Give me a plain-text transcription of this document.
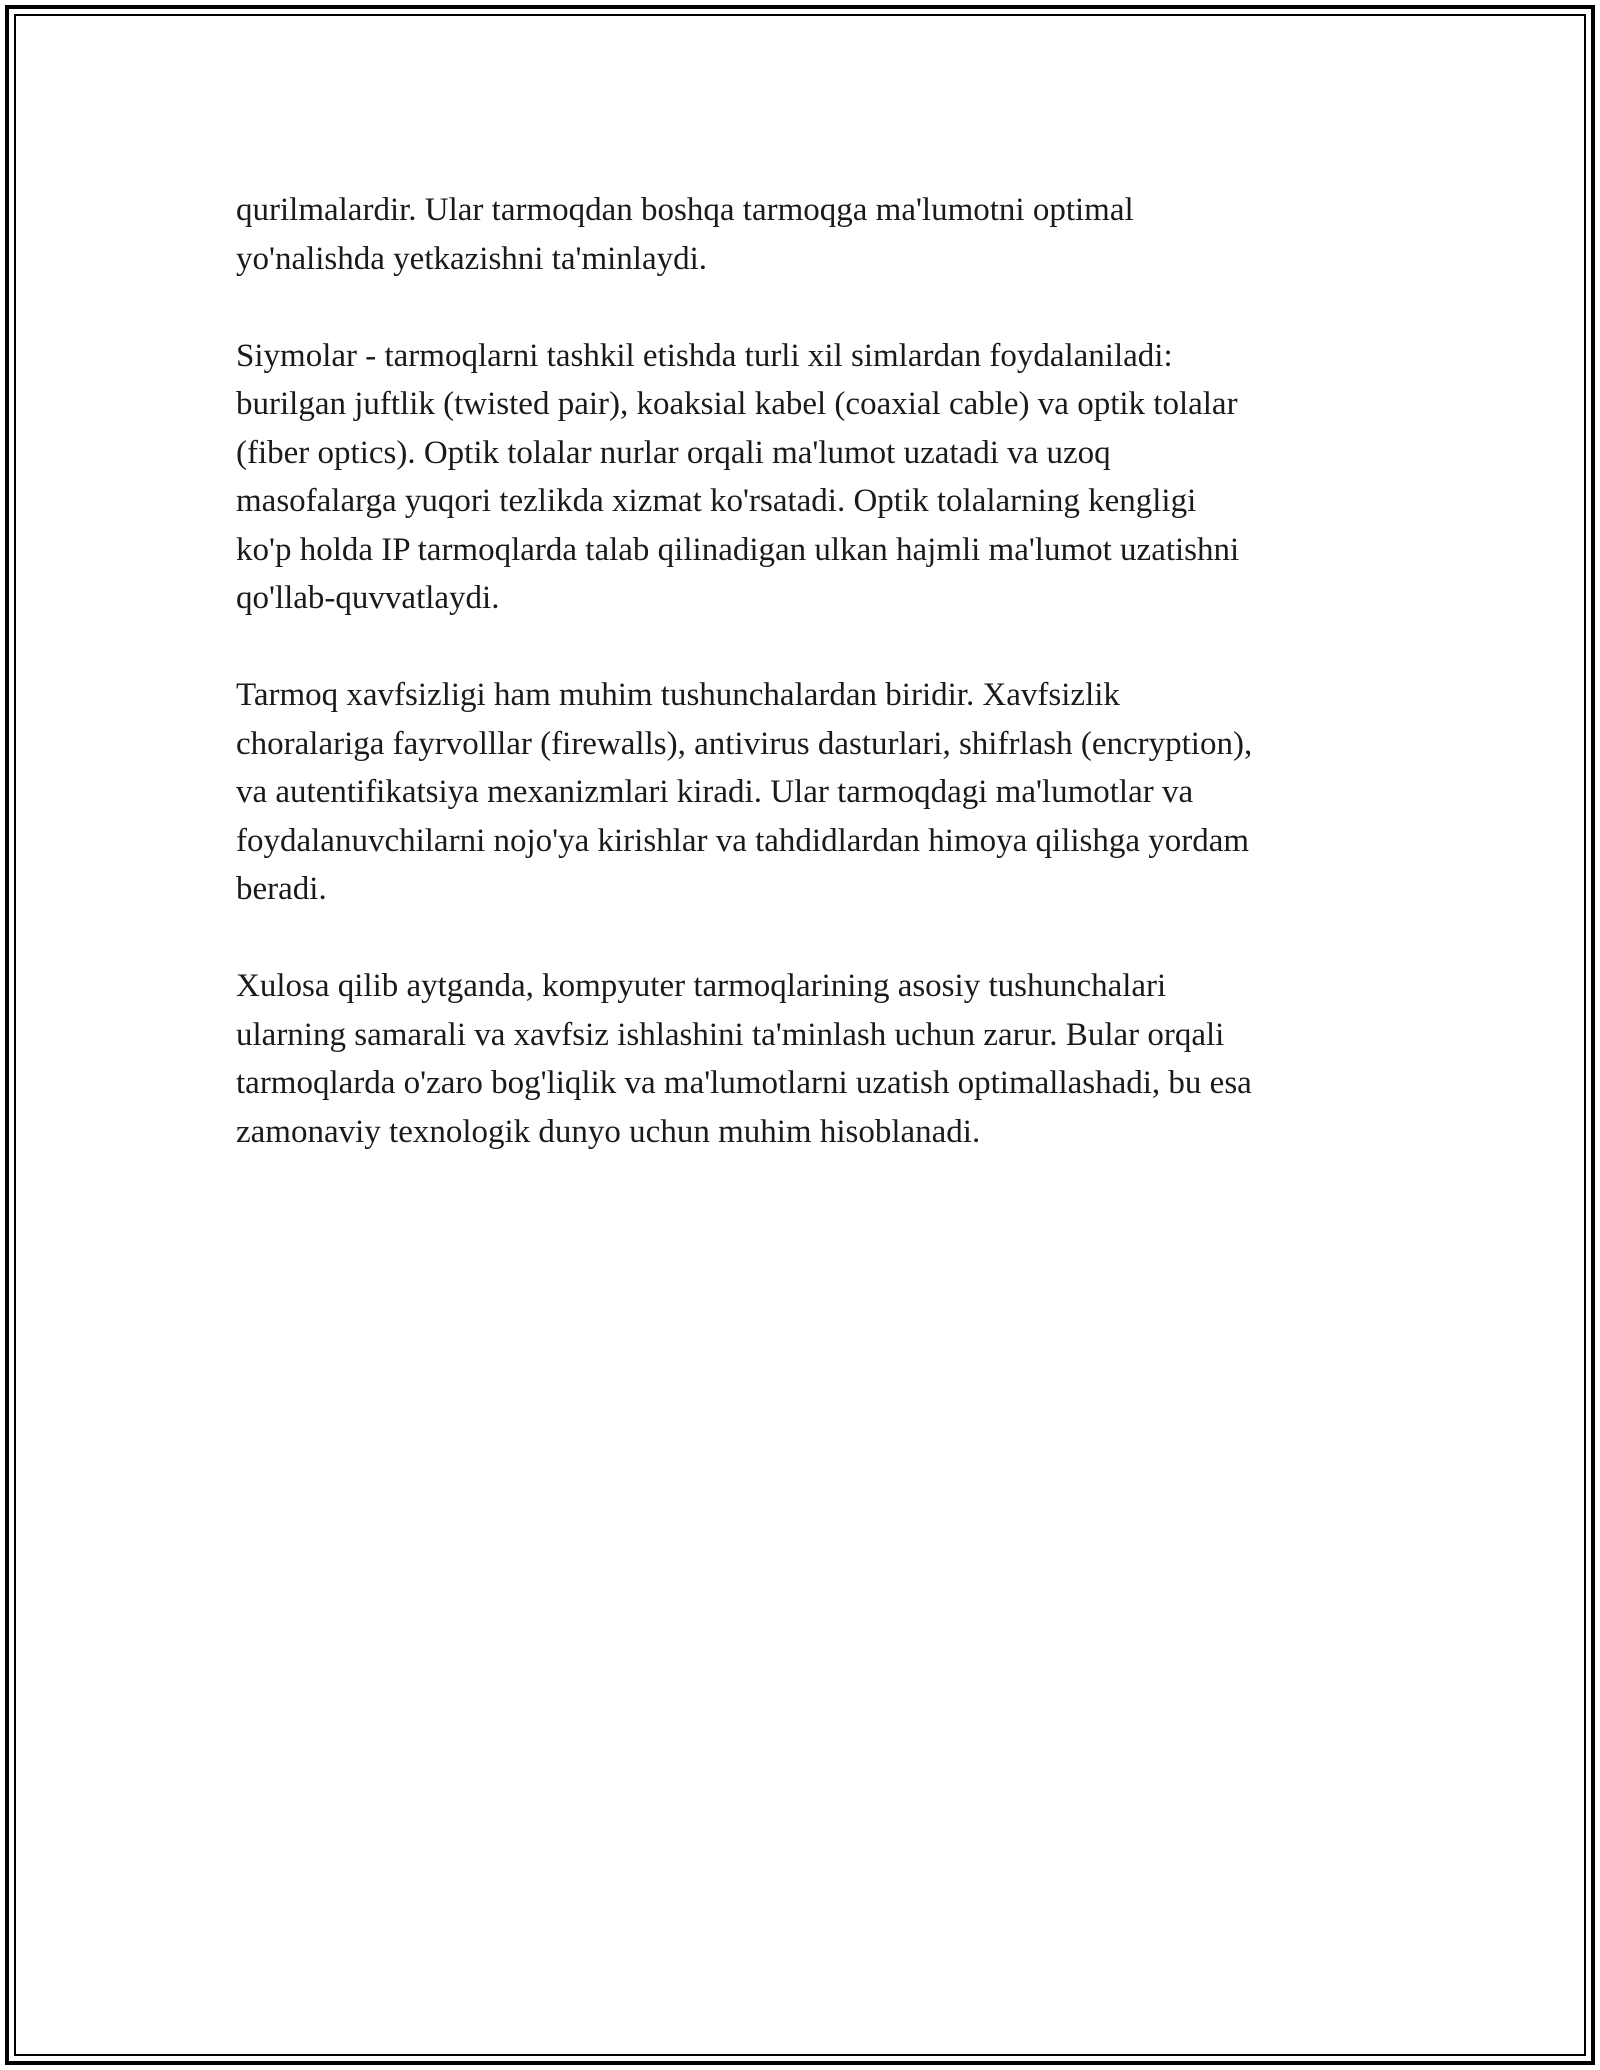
qurilmalardir. Ular tarmoqdan boshqa tarmoqga ma'lumotni optimal
yo'nalishda yetkazishni ta'minlaydi.

Siymolar - tarmoqlarni tashkil etishda turli xil simlardan foydalaniladi:
burilgan juftlik (twisted pair), koaksial kabel (coaxial cable) va optik tolalar
(fiber optics). Optik tolalar nurlar orqali ma'lumot uzatadi va uzoq
masofalarga yuqori tezlikda xizmat ko'rsatadi. Optik tolalarning kengligi
ko'p holda IP tarmoqlarda talab qilinadigan ulkan hajmli ma'lumot uzatishni
qo'llab-quvvatlaydi.

Tarmoq xavfsizligi ham muhim tushunchalardan biridir. Xavfsizlik
choralariga fayrvolllar (firewalls), antivirus dasturlari, shifrlash (encryption),
va autentifikatsiya mexanizmlari kiradi. Ular tarmoqdagi ma'lumotlar va
foydalanuvchilarni nojo'ya kirishlar va tahdidlardan himoya qilishga yordam
beradi.

Xulosa qilib aytganda, kompyuter tarmoqlarining asosiy tushunchalari
ularning samarali va xavfsiz ishlashini ta'minlash uchun zarur. Bular orqali
tarmoqlarda o'zaro bog'liqlik va ma'lumotlarni uzatish optimallashadi, bu esa
zamonaviy texnologik dunyo uchun muhim hisoblanadi.
